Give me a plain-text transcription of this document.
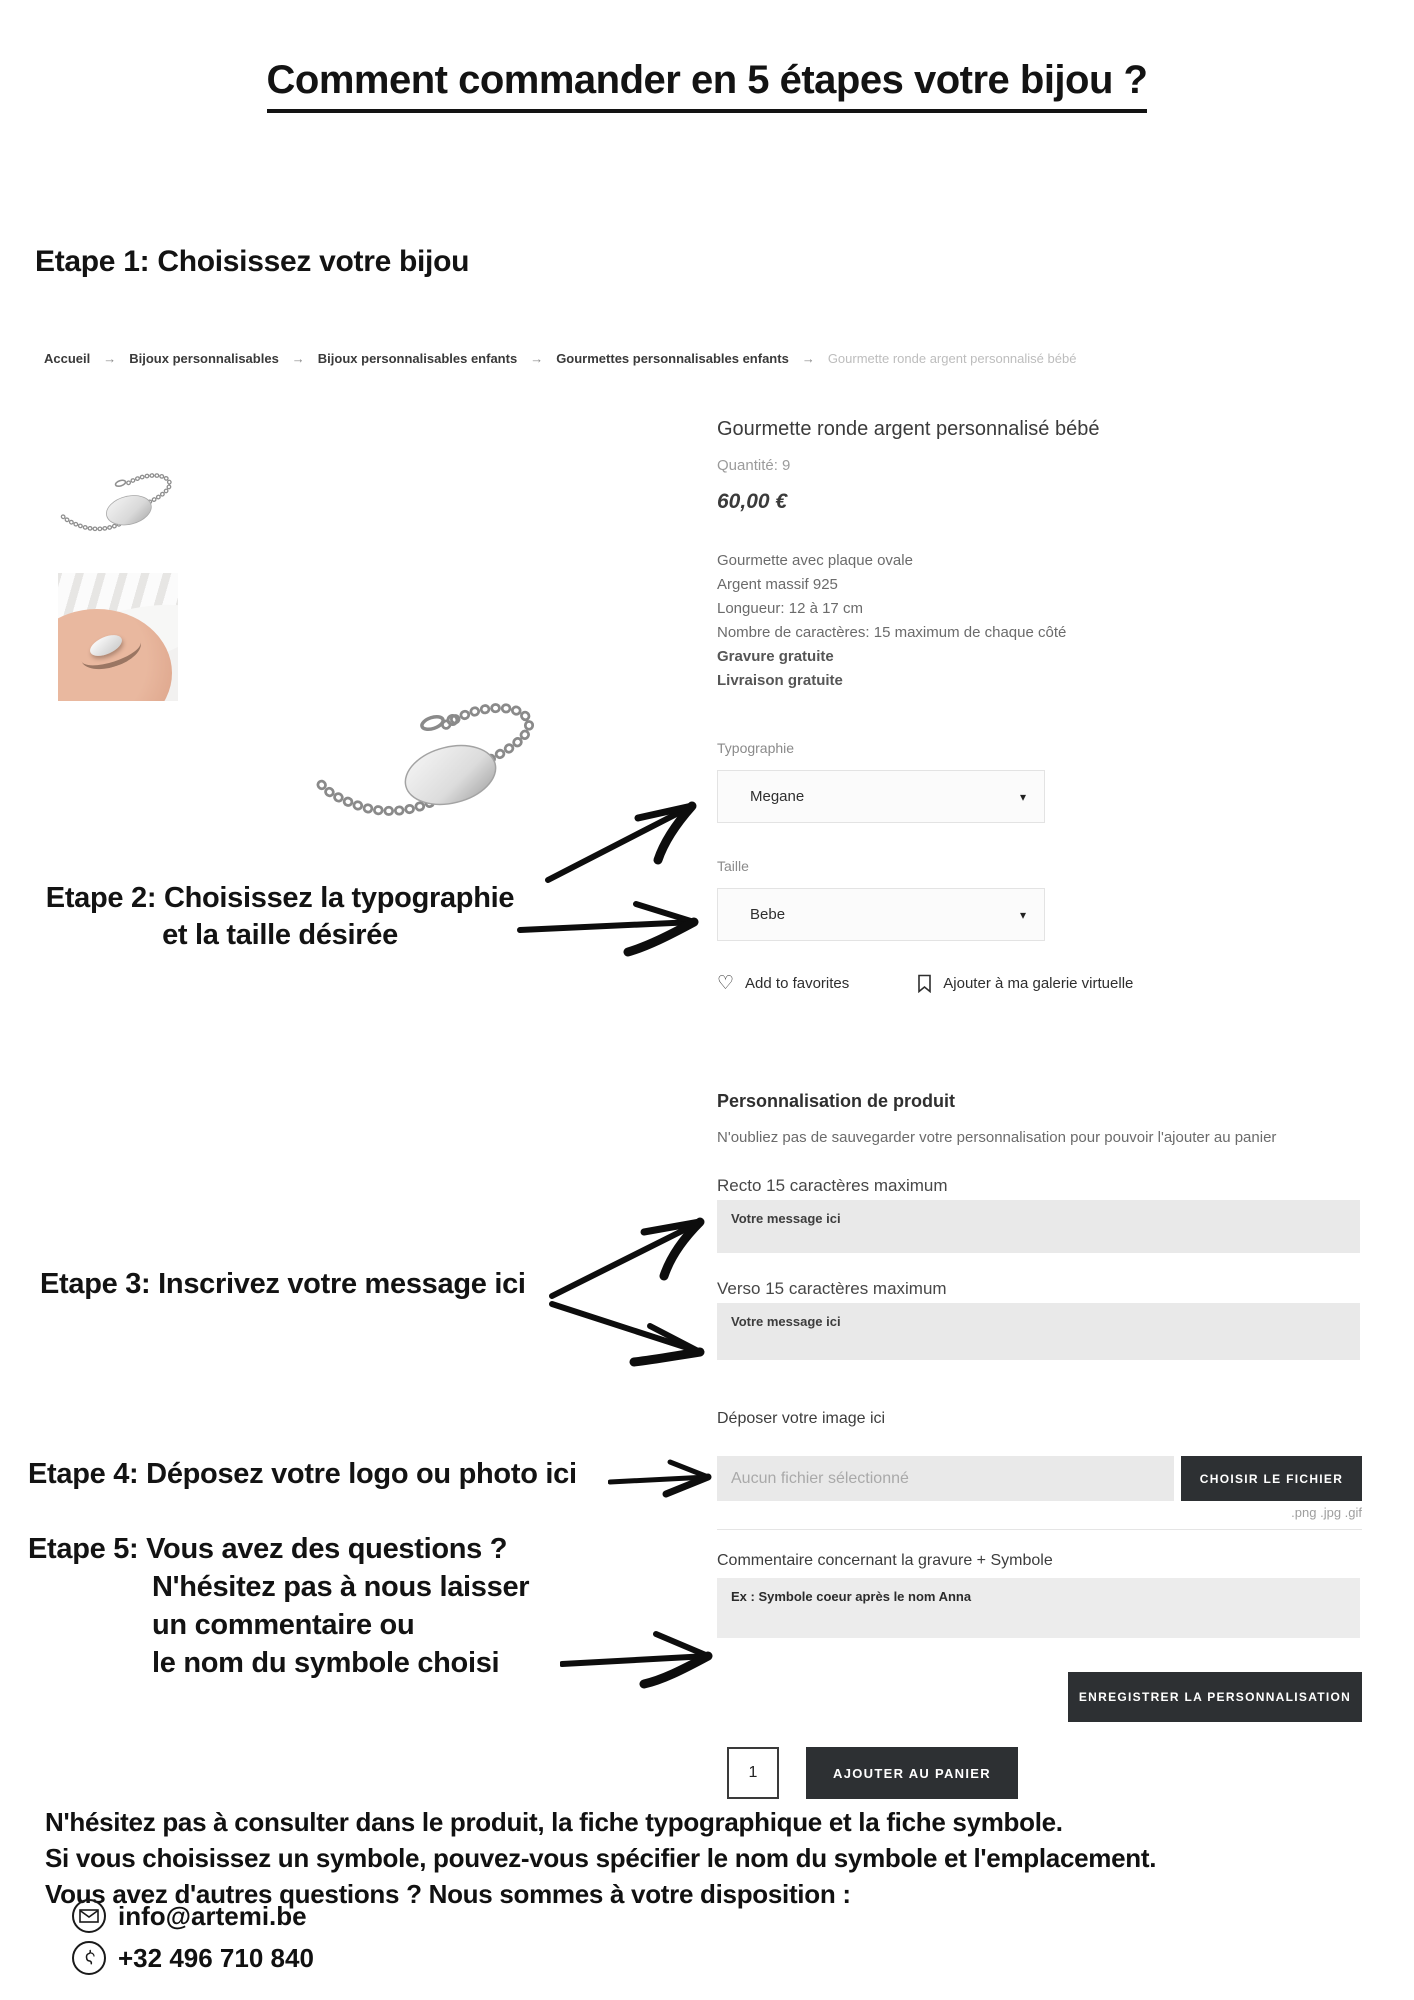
Comment commander en 5 étapes votre bijou ?
Etape 1: Choisissez votre bijou
Accueil → Bijoux personnalisables → Bijoux personnalisables enfants → Gourmettes personnalisables enfants → Gourmette ronde argent personnalisé bébé
Gourmette ronde argent personnalisé bébé
Quantité: 9
60,00 €
Gourmette avec plaque ovale
Argent massif 925
Longueur: 12 à 17 cm
Nombre de caractères: 15 maximum de chaque côté
Gravure gratuite
Livraison gratuite
Typographie
Megane	▾
Taille
Bebe	▾
♡ Add to favorites	Ajouter à ma galerie virtuelle
Personnalisation de produit
N'oubliez pas de sauvegarder votre personnalisation pour pouvoir l'ajouter au panier
Recto 15 caractères maximum
Votre message ici
Verso 15 caractères maximum
Votre message ici
Déposer votre image ici
Aucun fichier sélectionné	CHOISIR LE FICHIER
.png .jpg .gif
Commentaire concernant la gravure + Symbole
Ex : Symbole coeur après le nom Anna
ENREGISTRER LA PERSONNALISATION
1	AJOUTER AU PANIER
Etape 2: Choisissez la typographie
et la taille désirée
Etape 3: Inscrivez votre message ici
Etape 4: Déposez votre logo ou photo ici
Etape 5: Vous avez des questions ?
N'hésitez pas à nous laisser
un commentaire ou
le nom du symbole choisi
N'hésitez pas à consulter dans le produit, la fiche typographique et la fiche symbole.
Si vous choisissez un symbole, pouvez-vous spécifier le nom du symbole et l'emplacement.
Vous avez d'autres questions ? Nous sommes à votre disposition :
info@artemi.be
+32 496 710 840
